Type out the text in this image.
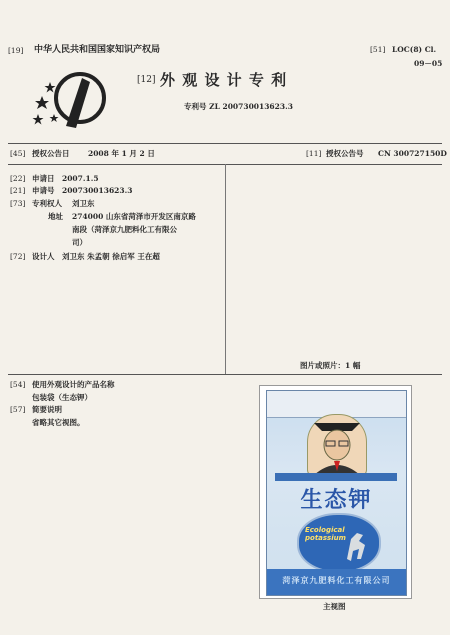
[19] 中华人民共和国国家知识产权局	[51] LOC(8) Cl.
09－05
[12] 外 观 设 计 专 利
专利号 ZL 200730013623.3
[45] 授权公告日 2008 年 1 月 2 日	[11] 授权公告号 CN 300727150D
[22] 申请日 2007.1.5
[21] 申请号 200730013623.3
[73] 专利权人 刘卫东
地址 274000 山东省菏泽市开发区南京路
南段（菏泽京九肥料化工有限公
司）
[72] 设计人 刘卫东 朱孟朝 徐启军 王在超
图片或照片：1 幅
[54] 使用外观设计的产品名称
包装袋（生态钾）
[57] 简要说明
省略其它视图。
生态钾
Ecological potassium
菏泽京九肥料化工有限公司
主视图
